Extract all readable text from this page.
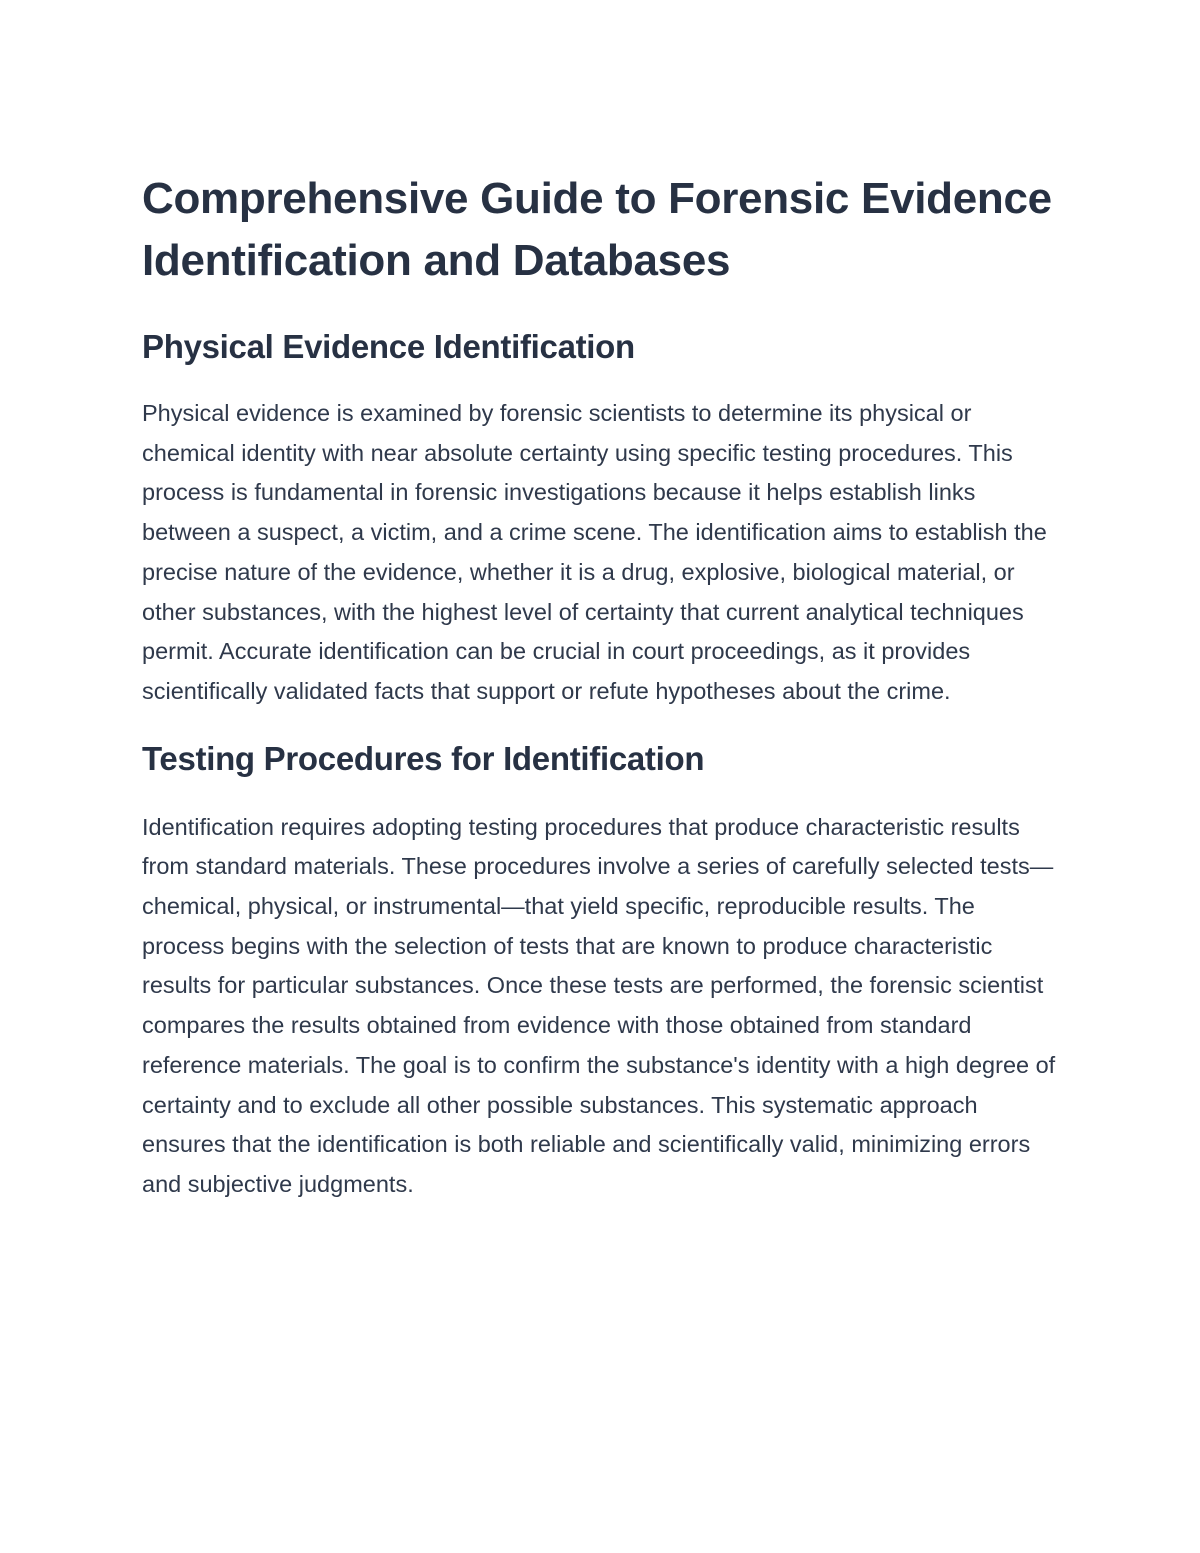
Comprehensive Guide to Forensic Evidence Identification and Databases
Physical Evidence Identification

Physical evidence is examined by forensic scientists to determine its physical or chemical identity with near absolute certainty using specific testing procedures. This process is fundamental in forensic investigations because it helps establish links between a suspect, a victim, and a crime scene. The identification aims to establish the precise nature of the evidence, whether it is a drug, explosive, biological material, or other substances, with the highest level of certainty that current analytical techniques permit. Accurate identification can be crucial in court proceedings, as it provides scientifically validated facts that support or refute hypotheses about the crime.

Testing Procedures for Identification

Identification requires adopting testing procedures that produce characteristic results from standard materials. These procedures involve a series of carefully selected tests—chemical, physical, or instrumental—that yield specific, reproducible results. The process begins with the selection of tests that are known to produce characteristic results for particular substances. Once these tests are performed, the forensic scientist compares the results obtained from evidence with those obtained from standard reference materials. The goal is to confirm the substance's identity with a high degree of certainty and to exclude all other possible substances. This systematic approach ensures that the identification is both reliable and scientifically valid, minimizing errors and subjective judgments.
